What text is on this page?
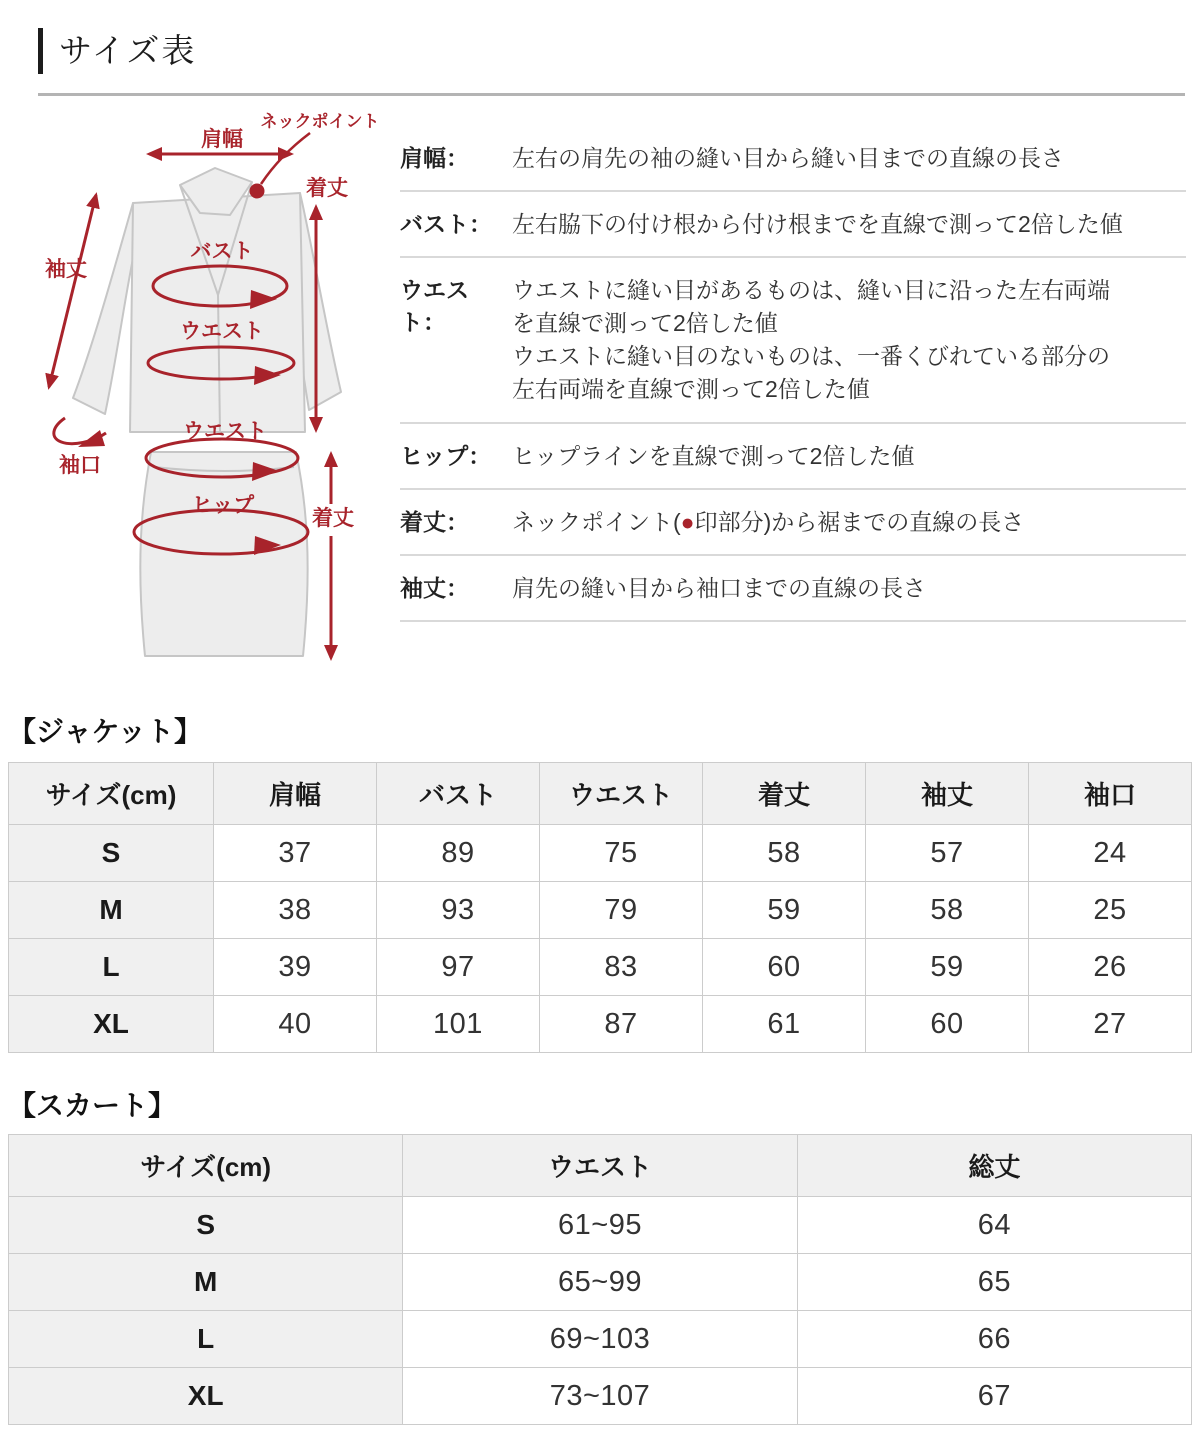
サイズ表
肩幅
ネックポイント
着丈
袖丈
バスト
ウエスト
袖口
ウエスト
ヒップ
着丈
肩幅：	左右の肩先の袖の縫い目から縫い目までの直線の長さ
バスト： 左右脇下の付け根から付け根までを直線で測って2倍した値
ウエスト：
ウエストに縫い目があるものは、縫い目に沿った左右両端
を直線で測って2倍した値
ウエストに縫い目のないものは、一番くびれている部分の
左右両端を直線で測って2倍した値
ヒップ： ヒップラインを直線で測って2倍した値
着丈：	ネックポイント(●印部分)から裾までの直線の長さ
袖丈：	肩先の縫い目から袖口までの直線の長さ
【ジャケット】
サイズ(cm)	肩幅	バスト	ウエスト	着丈	袖丈	袖口
S	37	89	75	58	57	24
M	38	93	79	59	58	25
L	39	97	83	60	59	26
XL	40	101	87	61	60	27
【スカート】
サイズ(cm)	ウエスト	総丈
S	61~95	64
M	65~99	65
L	69~103	66
XL	73~107	67
